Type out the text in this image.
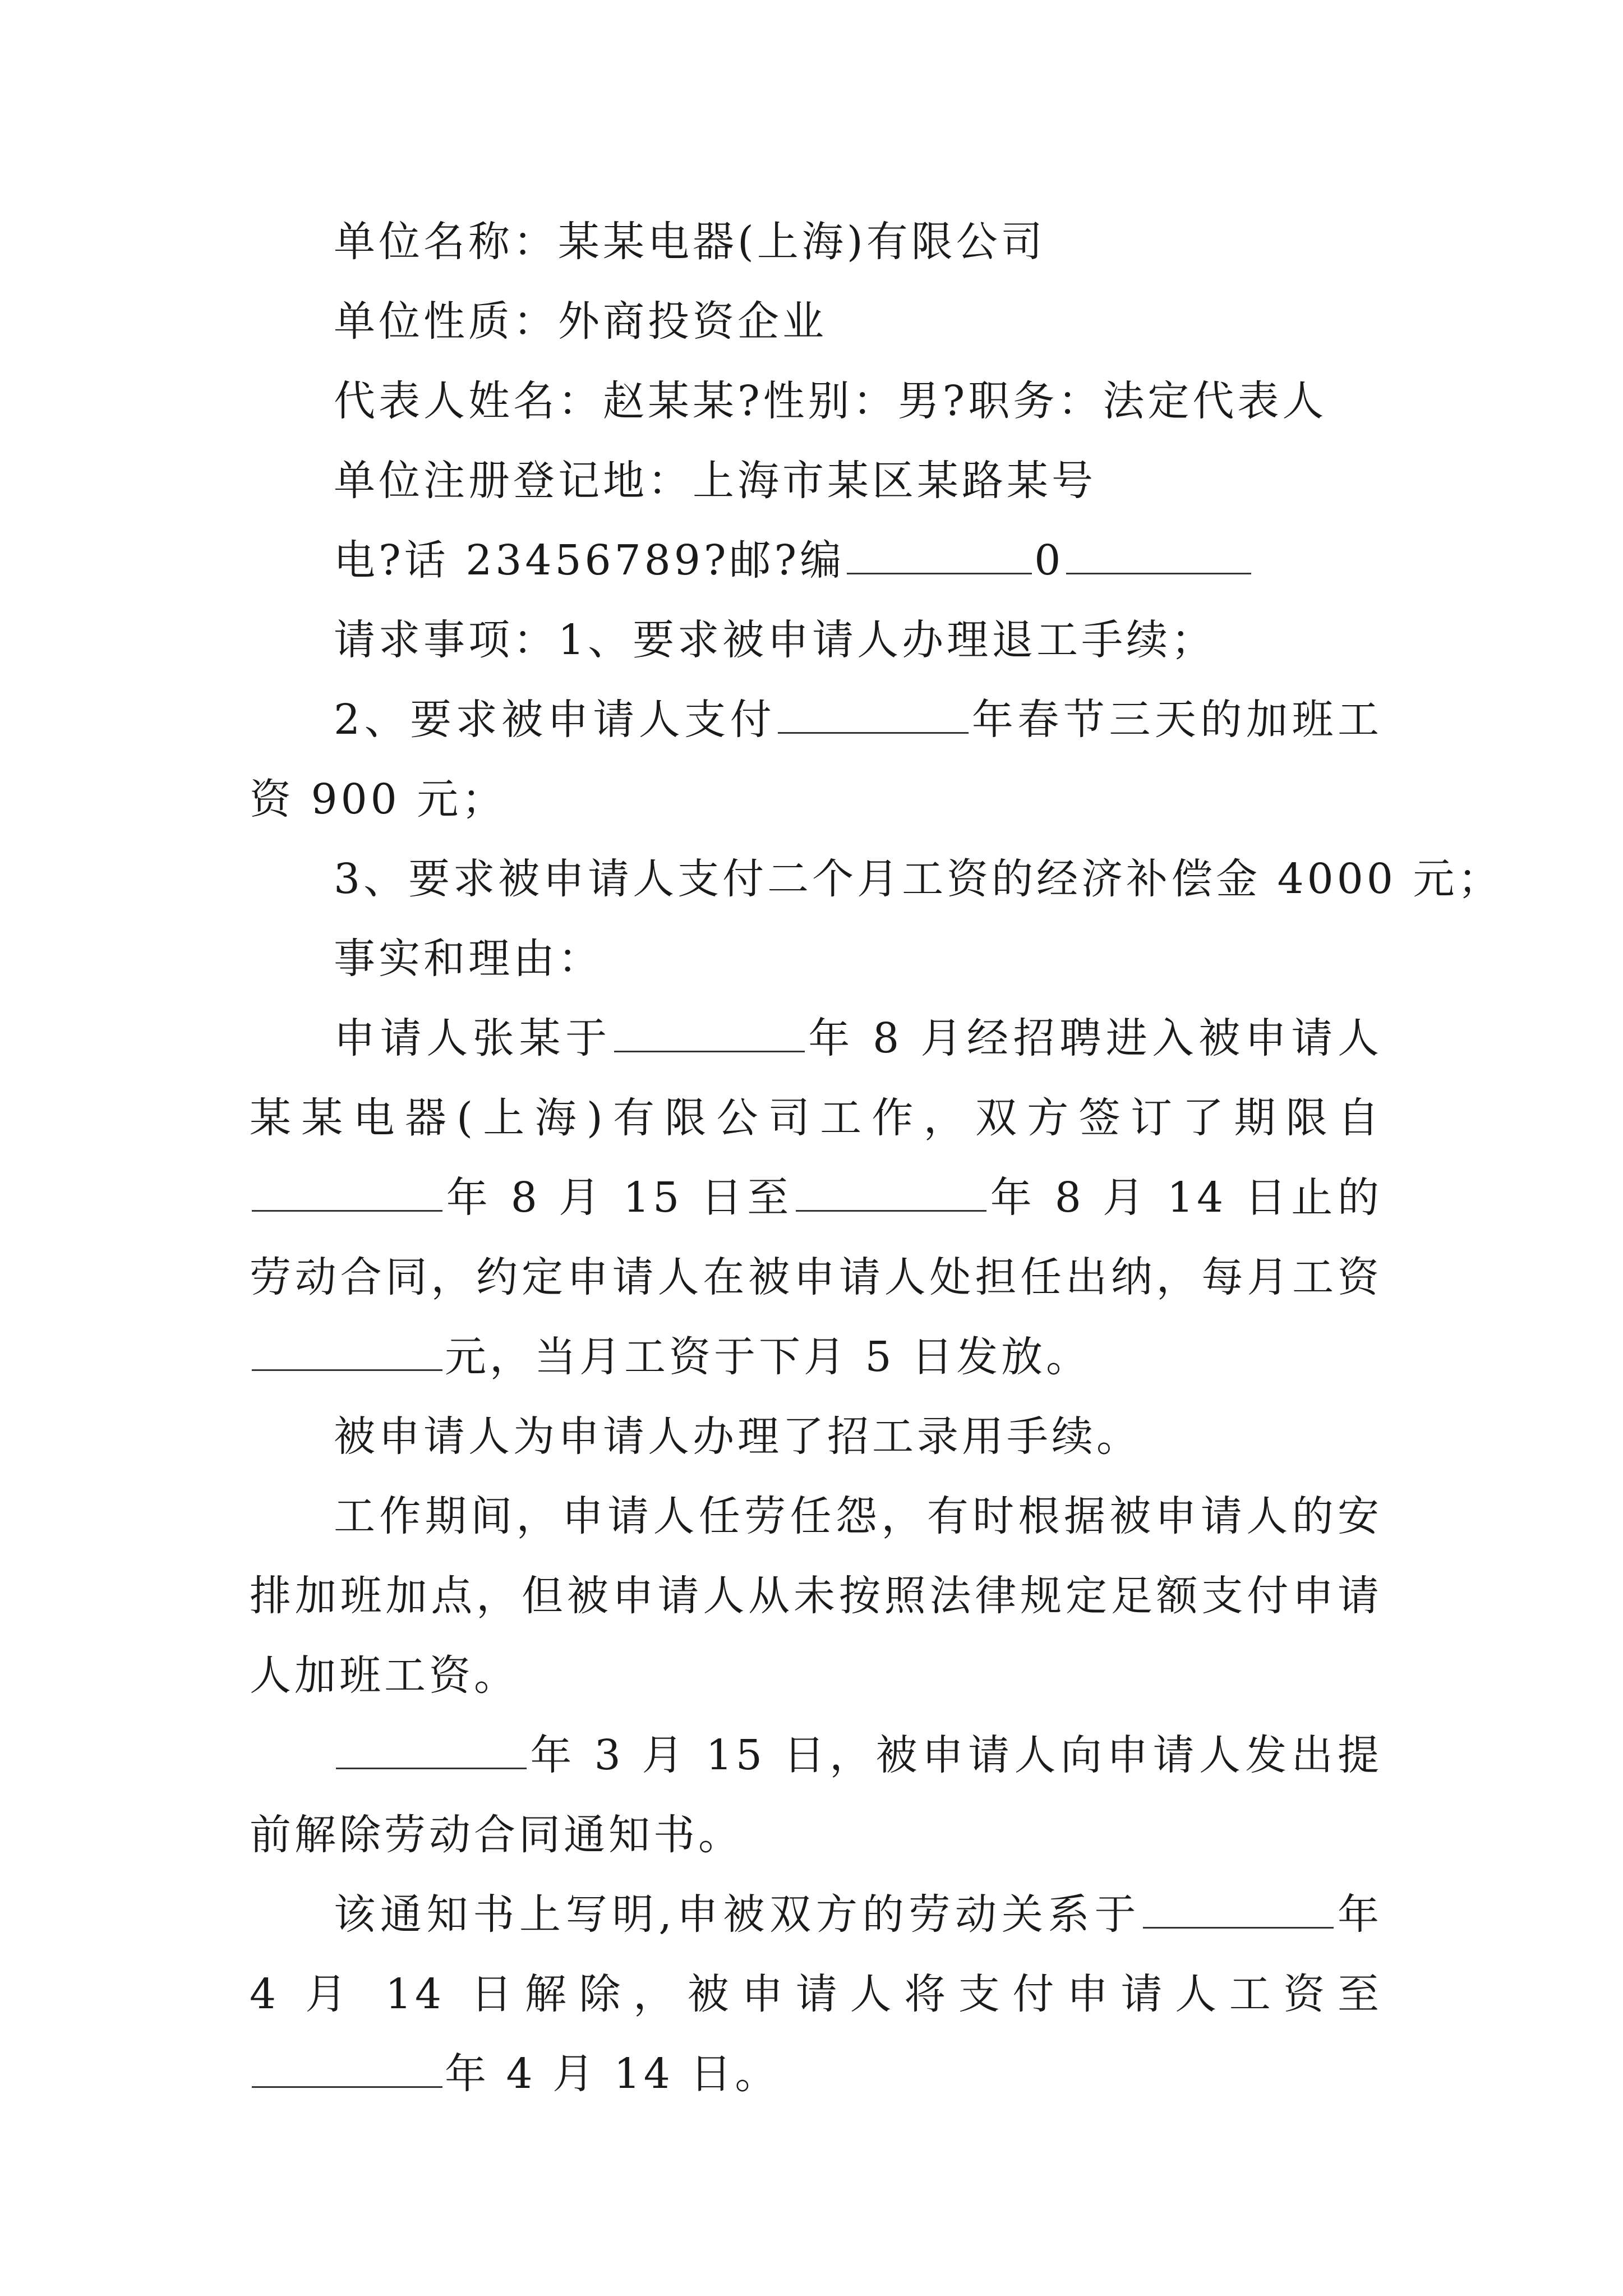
单位名称：某某电器(上海)有限公司

单位性质：外商投资企业

代表人姓名：赵某某?性别：男?职务：法定代表人

单位注册登记地：上海市某区某路某号

电?话 23456789?邮?编	0

请求事项：1、要求被申请人办理退工手续；

2、要求被申请人支付	年春节三天的加班工资 900 元；

3、要求被申请人支付二个月工资的经济补偿金 4000 元；

事实和理由：

申请人张某于	年 8 月经招聘进入被申请人某某电器(上海)有限公司工作，双方签订了期限自年 8 月 15 日至	年 8 月 14 日止的劳动合同，约定申请人在被申请人处担任出纳，每月工资元，当月工资于下月 5 日发放。

被申请人为申请人办理了招工录用手续。

工作期间，申请人任劳任怨，有时根据被申请人的安排加班加点，但被申请人从未按照法律规定足额支付申请人加班工资。

年 3 月 15 日，被申请人向申请人发出提前解除劳动合同通知书。

该通知书上写明,申被双方的劳动关系于	年 4 月 14 日解除，被申请人将支付申请人工资至年 4 月 14 日。
